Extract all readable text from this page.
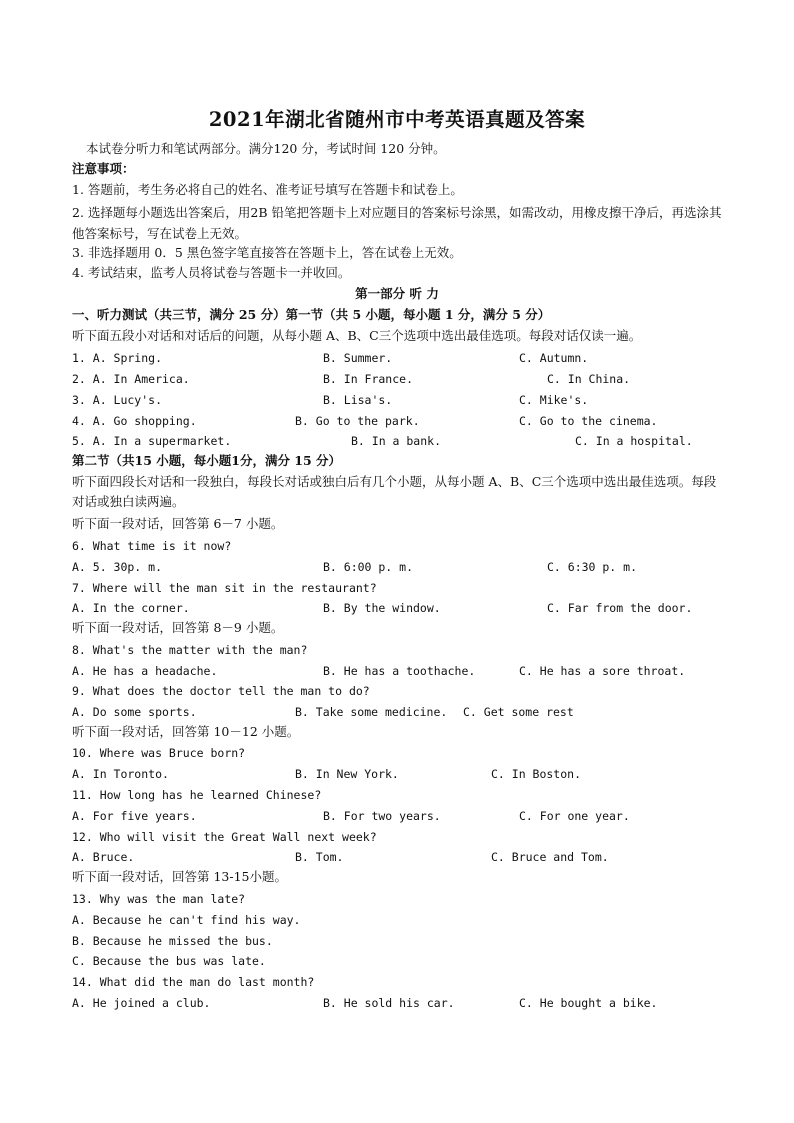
2021年湖北省随州市中考英语真题及答案
本试卷分听力和笔试两部分。满分120 分，考试时间 120 分钟。
注意事项：
1. 答题前，考生务必将自己的姓名、准考证号填写在答题卡和试卷上。
2. 选择题每小题选出答案后，用2B 铅笔把答题卡上对应题目的答案标号涂黑，如需改动，用橡皮擦干净后，再选涂其他答案标号，写在试卷上无效。
3. 非选择题用 0．5 黑色签字笔直接答在答题卡上，答在试卷上无效。
4. 考试结束，监考人员将试卷与答题卡一并收回。
第一部分 听 力
一、听力测试（共三节，满分 25 分）第一节（共 5 小题，每小题 1 分，满分 5 分）
听下面五段小对话和对话后的问题，从每小题 A、B、C三个选项中选出最佳选项。每段对话仅读一遍。
1. A. Spring.	B. Summer.	C. Autumn.
2. A. In America.	B. In France.	C. In China.
3. A. Lucy's.	B. Lisa's.	C. Mike's.
4. A. Go shopping.	B. Go to the park.	C. Go to the cinema.
5. A. In a supermarket.	B. In a bank.	C. In a hospital.
第二节（共15 小题，每小题1分，满分 15 分）
听下面四段长对话和一段独白，每段长对话或独白后有几个小题，从每小题 A、B、C三个选项中选出最佳选项。每段对话或独白读两遍。
听下面一段对话，回答第 6－7 小题。
6. What time is it now?
A. 5. 30p. m.	B. 6:00 p. m.	C. 6:30 p. m.
7. Where will the man sit in the restaurant?
A. In the corner.	B. By the window.	C. Far from the door.
听下面一段对话，回答第 8－9 小题。
8. What's the matter with the man?
A. He has a headache.	B. He has a toothache.	C. He has a sore throat.
9. What does the doctor tell the man to do?
A. Do some sports.	B. Take some medicine. C. Get some rest
听下面一段对话，回答第 10－12 小题。
10. Where was Bruce born?
A. In Toronto.	B. In New York.	C. In Boston.
11. How long has he learned Chinese?
A. For five years.	B. For two years.	C. For one year.
12. Who will visit the Great Wall next week?
A. Bruce.	B. Tom.	C. Bruce and Tom.
听下面一段对话，回答第 13-15小题。
13. Why was the man late?
A. Because he can't find his way.
B. Because he missed the bus.
C. Because the bus was late.
14. What did the man do last month?
A. He joined a club.	B. He sold his car.	C. He bought a bike.
